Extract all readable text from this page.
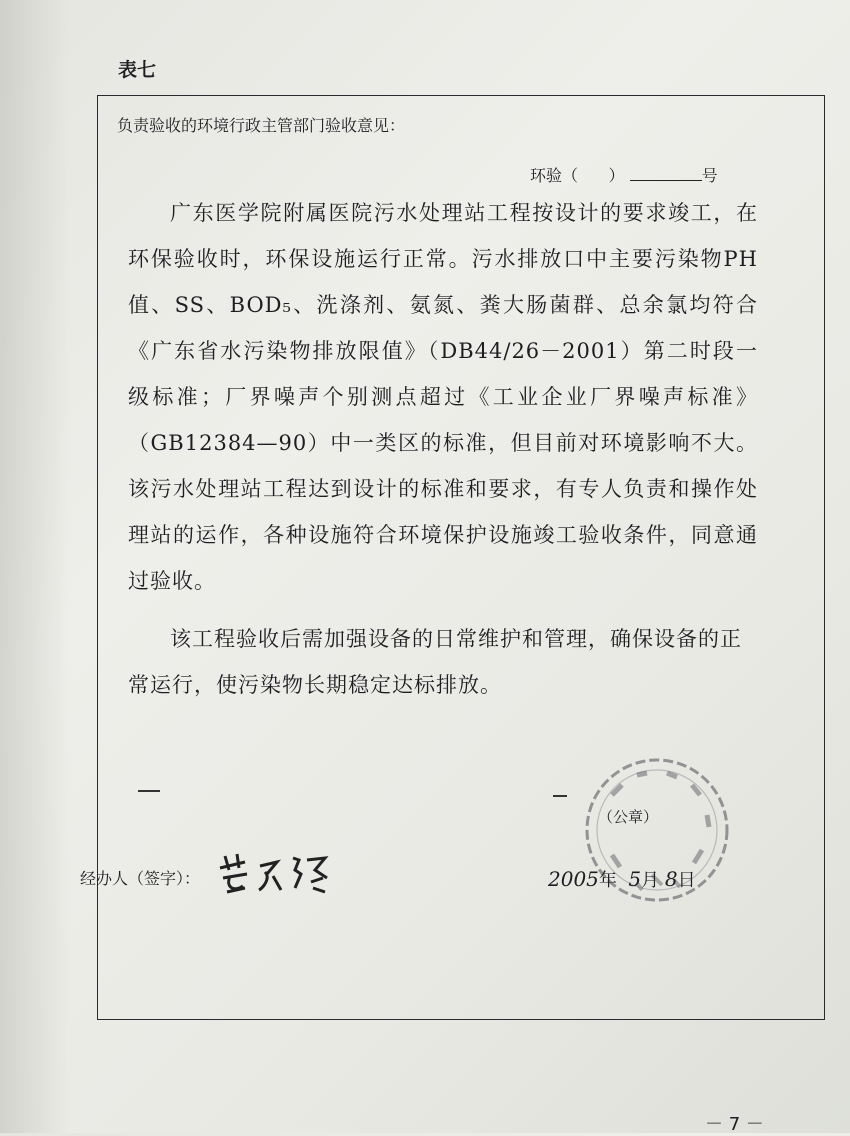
表七
负责验收的环境行政主管部门验收意见：
环验（ ）	号

广东医学院附属医院污水处理站工程按设计的要求竣工，在环保验收时，环保设施运行正常。污水排放口中主要污染物PH值、SS、BOD₅、洗涤剂、氨氮、粪大肠菌群、总余氯均符合《广东省水污染物排放限值》（DB44/26－2001）第二时段一级标准；厂界噪声个别测点超过《工业企业厂界噪声标准》（GB12384—90）中一类区的标准，但目前对环境影响不大。该污水处理站工程达到设计的标准和要求，有专人负责和操作处理站的运作，各种设施符合环境保护设施竣工验收条件，同意通过验收。

该工程验收后需加强设备的日常维护和管理，确保设备的正常运行，使污染物长期稳定达标排放。
（公章）
经办人（签字）：	2005年 5月 8日
－ 7 －
